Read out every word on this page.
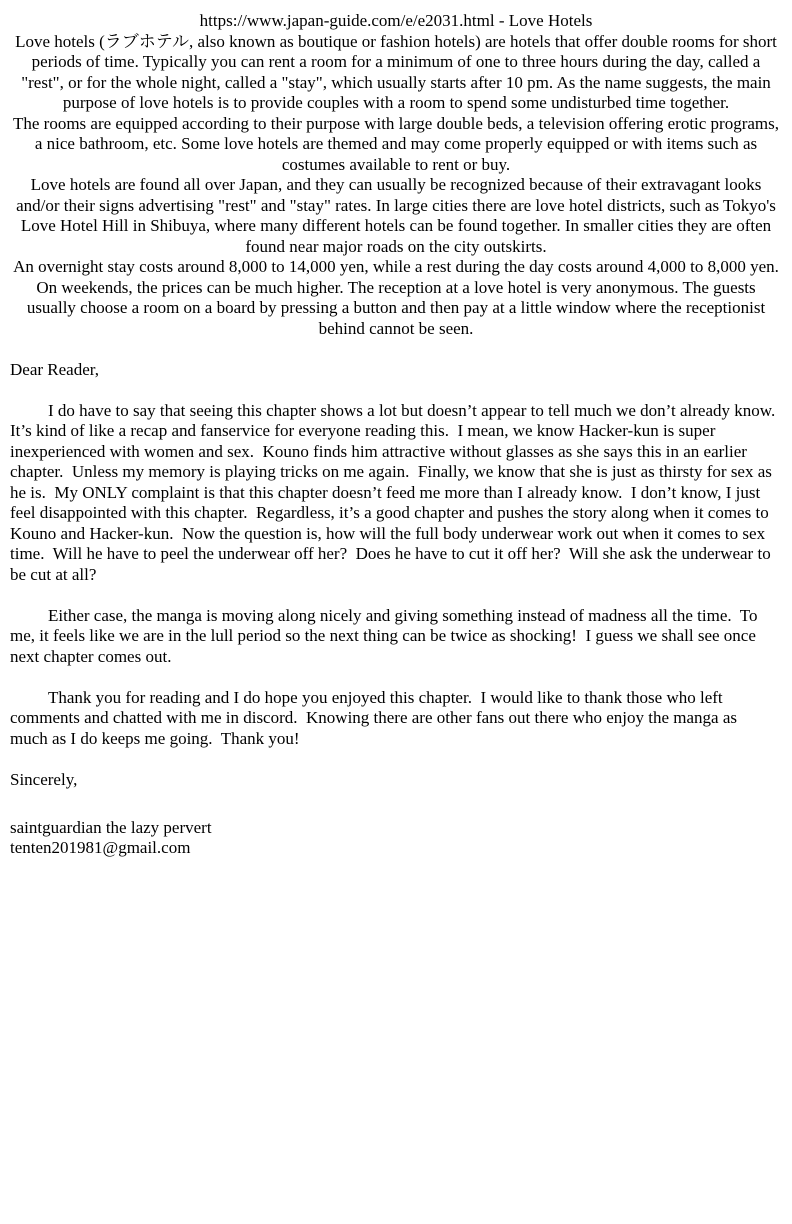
https://www.japan-guide.com/e/e2031.html - Love Hotels

Love hotels (ラブホテル, also known as boutique or fashion hotels) are hotels that offer double rooms for short periods of time. Typically you can rent a room for a minimum of one to three hours during the day, called a "rest", or for the whole night, called a "stay", which usually starts after 10 pm. As the name suggests, the main purpose of love hotels is to provide couples with a room to spend some undisturbed time together.

The rooms are equipped according to their purpose with large double beds, a television offering erotic programs, a nice bathroom, etc. Some love hotels are themed and may come properly equipped or with items such as costumes available to rent or buy.

Love hotels are found all over Japan, and they can usually be recognized because of their extravagant looks and/or their signs advertising "rest" and "stay" rates. In large cities there are love hotel districts, such as Tokyo's Love Hotel Hill in Shibuya, where many different hotels can be found together. In smaller cities they are often found near major roads on the city outskirts.

An overnight stay costs around 8,000 to 14,000 yen, while a rest during the day costs around 4,000 to 8,000 yen. On weekends, the prices can be much higher. The reception at a love hotel is very anonymous. The guests usually choose a room on a board by pressing a button and then pay at a little window where the receptionist behind cannot be seen.

Dear Reader,

I do have to say that seeing this chapter shows a lot but doesn’t appear to tell much we don’t already know.  It’s kind of like a recap and fanservice for everyone reading this.  I mean, we know Hacker-kun is super inexperienced with women and sex.  Kouno finds him attractive without glasses as she says this in an earlier chapter.  Unless my memory is playing tricks on me again.  Finally, we know that she is just as thirsty for sex as he is.  My ONLY complaint is that this chapter doesn’t feed me more than I already know.  I don’t know, I just feel disappointed with this chapter.  Regardless, it’s a good chapter and pushes the story along when it comes to Kouno and Hacker-kun.  Now the question is, how will the full body underwear work out when it comes to sex time.  Will he have to peel the underwear off her?  Does he have to cut it off her?  Will she ask the underwear to be cut at all?

Either case, the manga is moving along nicely and giving something instead of madness all the time.  To me, it feels like we are in the lull period so the next thing can be twice as shocking!  I guess we shall see once next chapter comes out.

Thank you for reading and I do hope you enjoyed this chapter.  I would like to thank those who left comments and chatted with me in discord.  Knowing there are other fans out there who enjoy the manga as much as I do keeps me going.  Thank you!

Sincerely,

saintguardian the lazy pervert

tenten201981@gmail.com
